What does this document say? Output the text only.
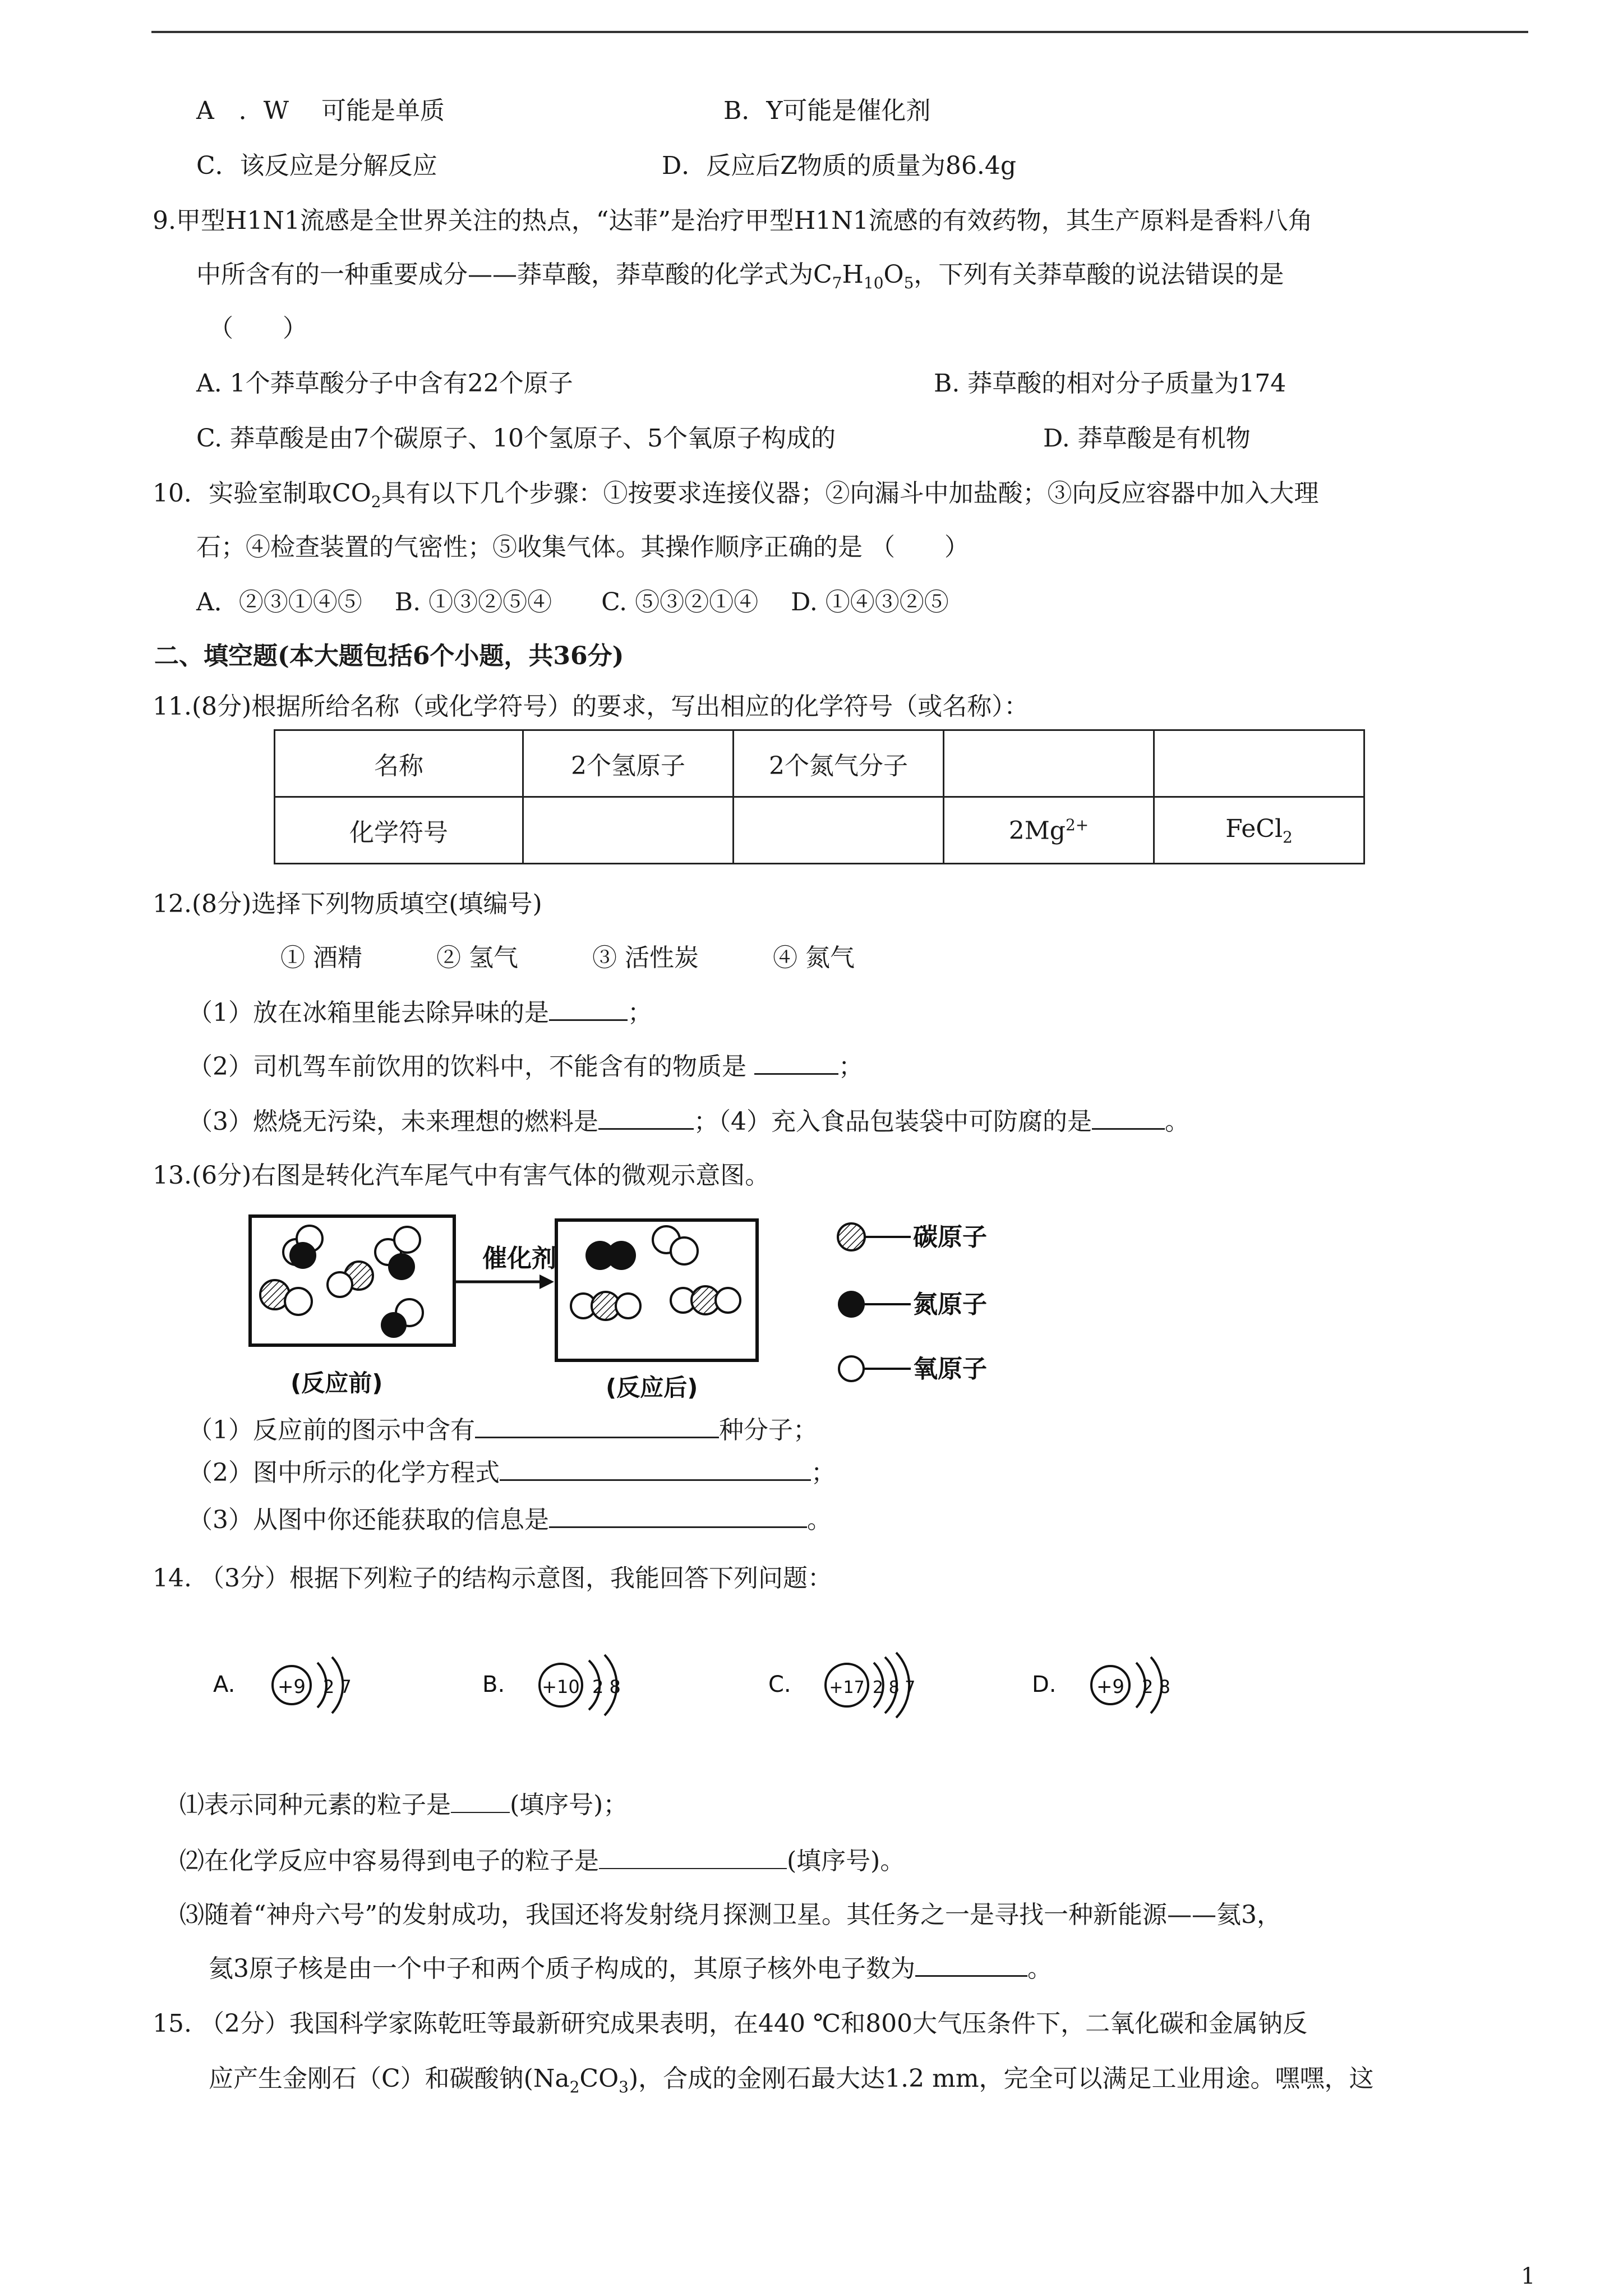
A　．W　 可能是单质	B．Y可能是催化剂
C．该反应是分解反应	D．反应后Z物质的质量为86.4g
9.甲型H1N1流感是全世界关注的热点，“达菲”是治疗甲型H1N1流感的有效药物，其生产原料是香料八角
中所含有的一种重要成分——莽草酸，莽草酸的化学式为$C_7H_{10}O_5$，下列有关莽草酸的说法错误的是
（　　）
A. 1个莽草酸分子中含有22个原子	B. 莽草酸的相对分子质量为174
C. 莽草酸是由7个碳原子、10个氢原子、5个氧原子构成的	D. 莽草酸是有机物
10．实验室制取$CO_2$具有以下几个步骤：①按要求连接仪器；②向漏斗中加盐酸；③向反应容器中加入大理
石；④检查装置的气密性；⑤收集气体。其操作顺序正确的是 （　　）
A．②③①④⑤　 B. ①③②⑤④　　C. ⑤③②①④　 D. ①④③②⑤
二、填空题(本大题包括6个小题，共36分)
11.(8分)根据所给名称（或化学符号）的要求，写出相应的化学符号（或名称）：
名称	2个氢原子	2个氮气分子		
化学符号			$2Mg^{2+}$	FeCl$_2$
12.(8分)选择下列物质填空(填编号)
① 酒精　　　② 氢气　　　③ 活性炭　　　④ 氮气
（1）放在冰箱里能去除异味的是	；
（2）司机驾车前饮用的饮料中，不能含有的物质是	；
（3）燃烧无污染，未来理想的燃料是	；（4）充入食品包装袋中可防腐的是	。
13.(6分)右图是转化汽车尾气中有害气体的微观示意图。
催化剂
(反应前)	(反应后)
碳原子
氮原子
氧原子
（1）反应前的图示中含有	种分子；
（2）图中所示的化学方程式	；
（3）从图中你还能获取的信息是	。
14. （3分）根据下列粒子的结构示意图，我能回答下列问题：
A. +9 2 7	B. +10 2 8	C. +17 2 8 7	D. +9 2 8
⑴表示同种元素的粒子是 (填序号)；
⑵在化学反应中容易得到电子的粒子是	(填序号)。
⑶随着“神舟六号”的发射成功，我国还将发射绕月探测卫星。其任务之一是寻找一种新能源——氦3，
氦3原子核是由一个中子和两个质子构成的，其原子核外电子数为	。
15. （2分）我国科学家陈乾旺等最新研究成果表明，在440 ℃和800大气压条件下，二氧化碳和金属钠反
应产生金刚石（C）和碳酸钠$(Na_2CO_3)$，合成的金刚石最大达1.2 mm，完全可以满足工业用途。嘿嘿，这
1
